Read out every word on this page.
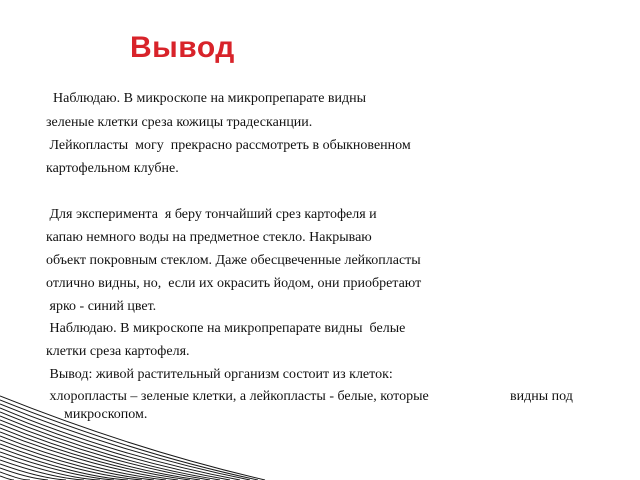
Вывод

Наблюдаю. В микроскопе на микропрепарате видны

зеленые клетки среза кожицы традесканции.

Лейкопласты  могу  прекрасно рассмотреть в обыкновенном

картофельном клубне.

Для эксперимента  я беру тончайший срез картофеля и

капаю немного воды на предметное стекло. Накрываю

объект покровным стеклом. Даже обесцвеченные лейкопласты

отлично видны, но,  если их окрасить йодом, они приобретают

ярко - синий цвет.

Наблюдаю. В микроскопе на микропрепарате видны  белые

клетки среза картофеля.

Вывод: живой растительный организм состоит из клеток:

хлоропласты – зеленые клетки, а лейкопласты - белые, которые	видны под

микроскопом.
